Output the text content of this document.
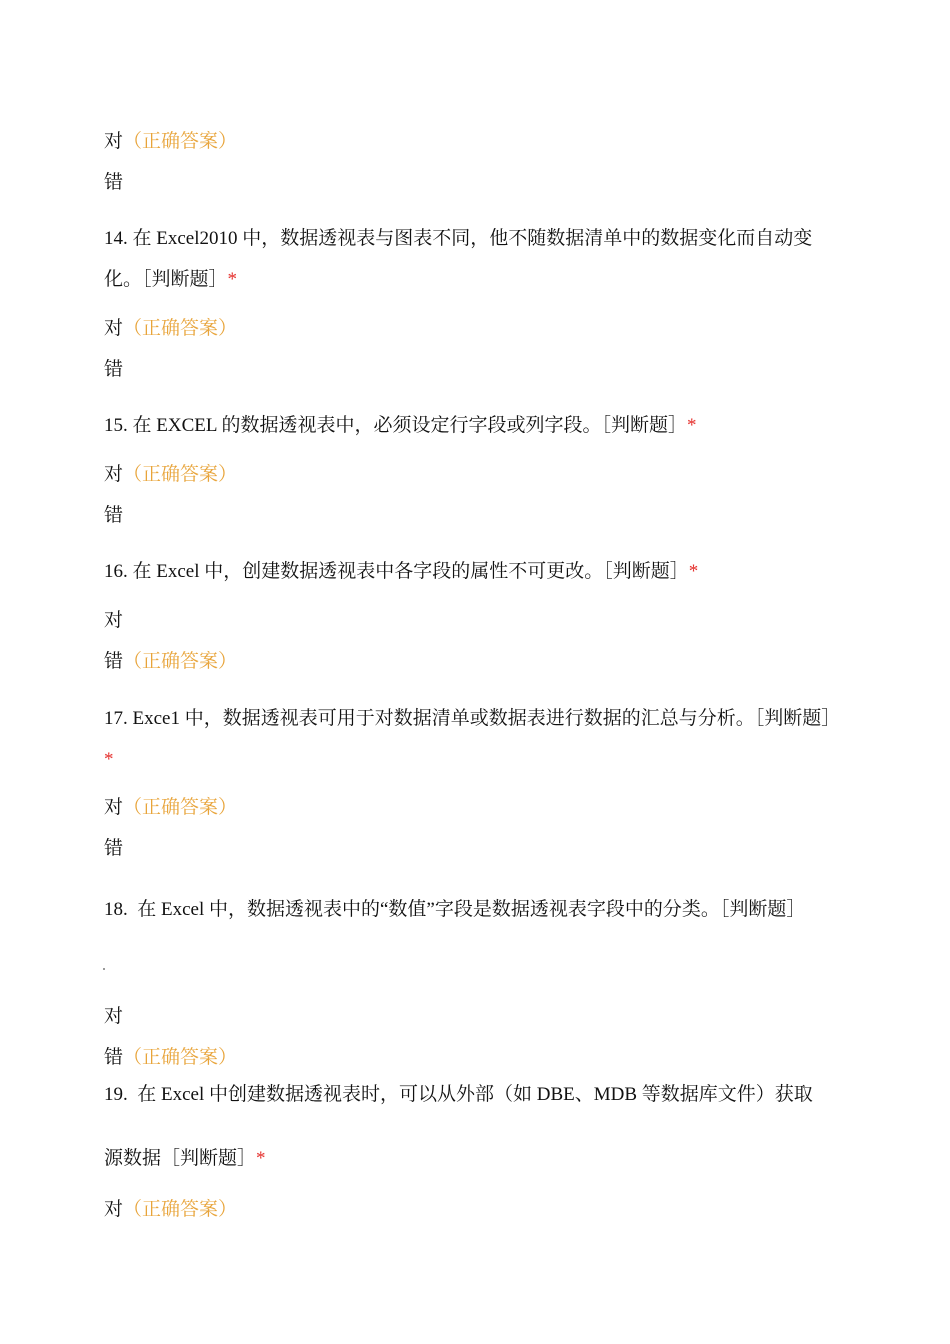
对（正确答案）
错
14. 在 Excel2010 中，数据透视表与图表不同，他不随数据清单中的数据变化而自动变化。［判断题］*
对（正确答案）
错
15. 在 EXCEL 的数据透视表中，必须设定行字段或列字段。［判断题］*
对（正确答案）
错
16. 在 Excel 中，创建数据透视表中各字段的属性不可更改。［判断题］*
对
错（正确答案）
17. Exce1 中，数据透视表可用于对数据清单或数据表进行数据的汇总与分析。［判断题］*
对（正确答案）
错
18. 在 Excel 中，数据透视表中的“数值”字段是数据透视表字段中的分类。［判断题］
对
错（正确答案）
19. 在 Excel 中创建数据透视表时，可以从外部（如 DBE、MDB 等数据库文件）获取
源数据［判断题］*
对（正确答案）
